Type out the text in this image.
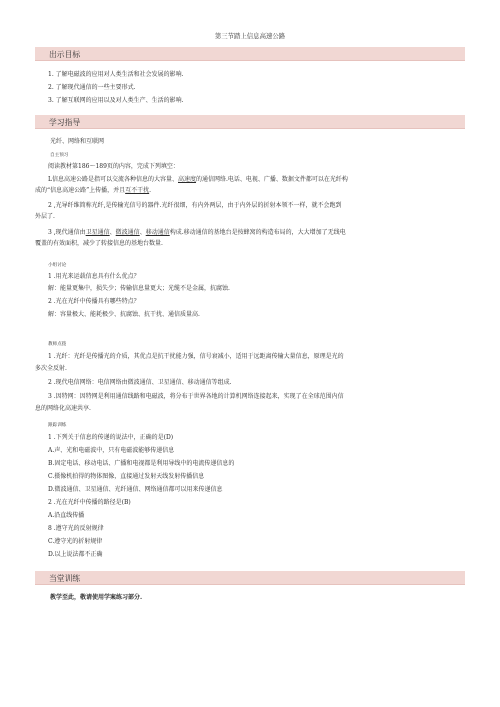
第三节踏上信息高速公路
出示目标
1. 了解电磁波的应用对人类生活和社会发展的影响.
2. 了解现代通信的一些主要形式.
3. 了解互联网的应用以及对人类生产、生活的影响.
学习指导
光纤、网络和互联网
自主预习
阅读教材第186～189页的内容，完成下列填空：
L信息高速公路是指可以交流各种信息的大容量、高速度的通信网络.电话、电视、广播、数据文件都可以在光纤构
成的“信息高速公路”上传播，并且互不干扰.
2 ,光导纤维简称光纤,是传输光信号的器件.光纤很细，有内外两层，由于内外层的折射本领不一样，就不会跑到
外层了.
3 ,现代通信由卫星通信、微波通信、移动通信构成.移动通信的基地台是按蜂窝的构造布局的，大大增加了无线电
覆盖的有效面积，减少了转接信息的基地台数量.
小组讨论
1 .用光来运载信息具有什么优点？
解：能量更集中，损失少；传输信息量更大；光缆不是金属，抗腐蚀.
2 .光在光纤中传播具有哪些特点？
解：容量极大、能耗极少、抗腐蚀、抗干扰、通信质量高.
教师点拨
1 .光纤：光纤是传播光的介质，其优点是抗干扰能力强，信号衰减小，适用于远距离传输大量信息，原理是光的
多次全反射.
2 .现代电信网络：电信网络由微波通信、卫星通信、移动通信等组成.
3 .因特网：因特网是利用通信线路和电磁波，将分布于世界各地的计算机网络连接起来，实现了在全球范围内信
息的网络化高速共享.
跟踪训练
1 .下列关于信息的传递的说法中，正确的是(D)
A.声、光和电磁波中，只有电磁波能够传递信息
B.固定电话、移动电话、广播和电视都是利用导线中的电流传递信息的
C.摄像机拍得的物体图像，直接通过发射天线发射传播信息
D.微波通信、卫星通信、光纤通信、网络通信都可以用来传递信息
2 .光在光纤中传播的路径是(B)
A.沿直线传播
8 .遵守光的反射规律
C.遵守光的折射规律
D.以上说法都不正确
当堂训练
教学至此，敬请使用学案练习部分.
